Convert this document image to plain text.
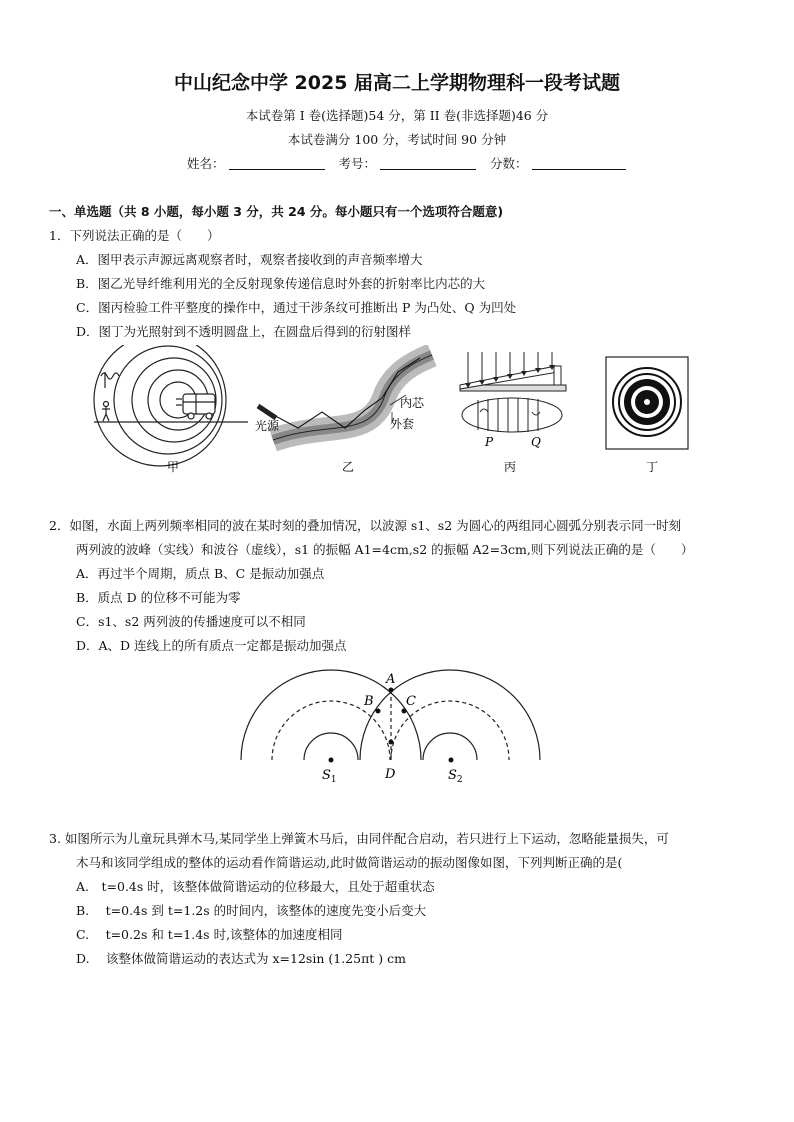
中山纪念中学 2025 届高二上学期物理科一段考试题
本试卷第 I 卷(选择题)54 分，第 II 卷(非选择题)46 分
本试卷满分 100 分，考试时间 90 分钟
姓名：	考号：	分数：
一、单选题（共 8 小题，每小题 3 分，共 24 分。每小题只有一个选项符合题意)
1．下列说法正确的是（　　）
A．图甲表示声源远离观察者时，观察者接收到的声音频率增大
B．图乙光导纤维利用光的全反射现象传递信息时外套的折射率比内芯的大
C．图丙检验工件平整度的操作中，通过干涉条纹可推断出 P 为凸处、Q 为凹处
D．图丁为光照射到不透明圆盘上，在圆盘后得到的衍射图样
甲
光源
内芯
外套
乙
P	Q
丙	丁
2．如图，水面上两列频率相同的波在某时刻的叠加情况，以波源 s1、s2 为圆心的两组同心圆弧分别表示同一时刻
两列波的波峰（实线）和波谷（虚线），s1 的振幅 A1=4cm,s2 的振幅 A2=3cm,则下列说法正确的是（　　）
A．再过半个周期，质点 B、C 是振动加强点
B．质点 D 的位移不可能为零
C．s1、s2 两列波的传播速度可以不相同
D．A、D 连线上的所有质点一定都是振动加强点
A
B C
D
$S_1$	$S_2$
3. 如图所示为儿童玩具弹木马,某同学坐上弹簧木马后，由同伴配合启动，若只进行上下运动，忽略能量损失，可
木马和该同学组成的整体的运动看作简谐运动,此时做简谐运动的振动图像如图，下列判断正确的是(
A.　t=0.4s 时，该整体做简谐运动的位移最大，且处于超重状态
B.　 t=0.4s 到 t=1.2s 的时间内，该整体的速度先变小后变大
C.　 t=0.2s 和 t=1.4s 时,该整体的加速度相同
D.　 该整体做简谐运动的表达式为 x=12sin (1.25πt ) cm
